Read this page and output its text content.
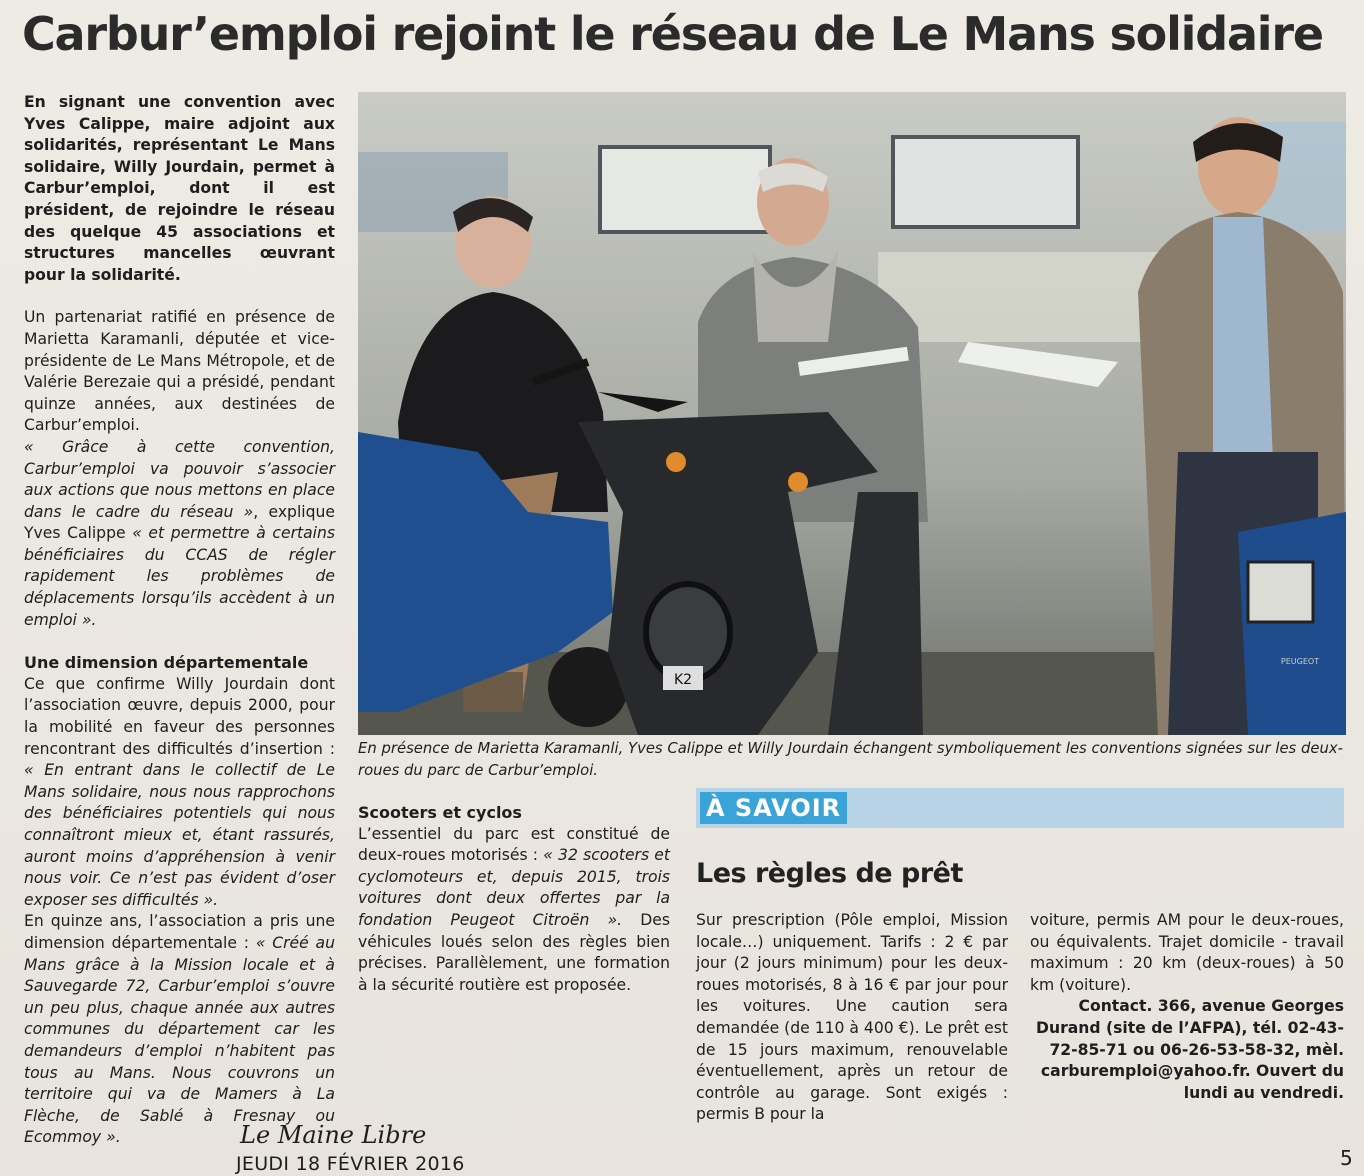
Carbur’emploi rejoint le réseau de Le Mans solidaire

En signant une convention avec Yves Calippe, maire adjoint aux solidarités, représentant Le Mans solidaire, Willy Jourdain, permet à Carbur’emploi, dont il est président, de rejoindre le réseau des quelque 45 associations et structures mancelles œuvrant pour la solidarité.

Un partenariat ratifié en présence de Marietta Karamanli, députée et vice-présidente de Le Mans Métropole, et de Valérie Berezaie qui a présidé, pendant quinze années, aux destinées de Carbur’emploi.

« Grâce à cette convention, Carbur’emploi va pouvoir s’associer aux actions que nous mettons en place dans le cadre du réseau », explique Yves Calippe « et permettre à certains bénéficiaires du CCAS de régler rapidement les problèmes de déplacements lorsqu’ils accèdent à un emploi ».

Une dimension départementale

Ce que confirme Willy Jourdain dont l’association œuvre, depuis 2000, pour la mobilité en faveur des personnes rencontrant des difficultés d’insertion : « En entrant dans le collectif de Le Mans solidaire, nous nous rapprochons des bénéficiaires potentiels qui nous connaîtront mieux et, étant rassurés, auront moins d’appréhension à venir nous voir. Ce n’est pas évident d’oser exposer ses difficultés ».

En quinze ans, l’association a pris une dimension départementale : « Créé au Mans grâce à la Mission locale et à Sauvegarde 72, Carbur’emploi s’ouvre un peu plus, chaque année aux autres communes du département car les demandeurs d’emploi n’habitent pas tous au Mans. Nous couvrons un territoire qui va de Mamers à La Flèche, de Sablé à Fresnay ou Ecommoy ».

K2
PEUGEOT

En présence de Marietta Karamanli, Yves Calippe et Willy Jourdain échangent symboliquement les conventions signées sur les deux-roues du parc de Carbur’emploi.

Scooters et cyclos

L’essentiel du parc est constitué de deux-roues motorisés : « 32 scooters et cyclomoteurs et, depuis 2015, trois voitures dont deux offertes par la fondation Peugeot Citroën ». Des véhicules loués selon des règles bien précises. Parallèlement, une formation à la sécurité routière est proposée.

À SAVOIR
Les règles de prêt

Sur prescription (Pôle emploi, Mission locale…) uniquement. Tarifs : 2 € par jour (2 jours minimum) pour les deux-roues motorisés, 8 à 16 € par jour pour les voitures. Une caution sera demandée (de 110 à 400 €). Le prêt est de 15 jours maximum, renouvelable éventuellement, après un retour de contrôle au garage. Sont exigés : permis B pour la

voiture, permis AM pour le deux-roues, ou équivalents. Trajet domicile - travail maximum : 20 km (deux-roues) à 50 km (voiture).

Contact. 366, avenue Georges Durand (site de l’AFPA), tél. 02-43-72-85-71 ou 06-26-53-58-32, mèl. carburemploi@yahoo.fr. Ouvert du lundi au vendredi.

Le Maine Libre
JEUDI 18 FÉVRIER 2016	5
